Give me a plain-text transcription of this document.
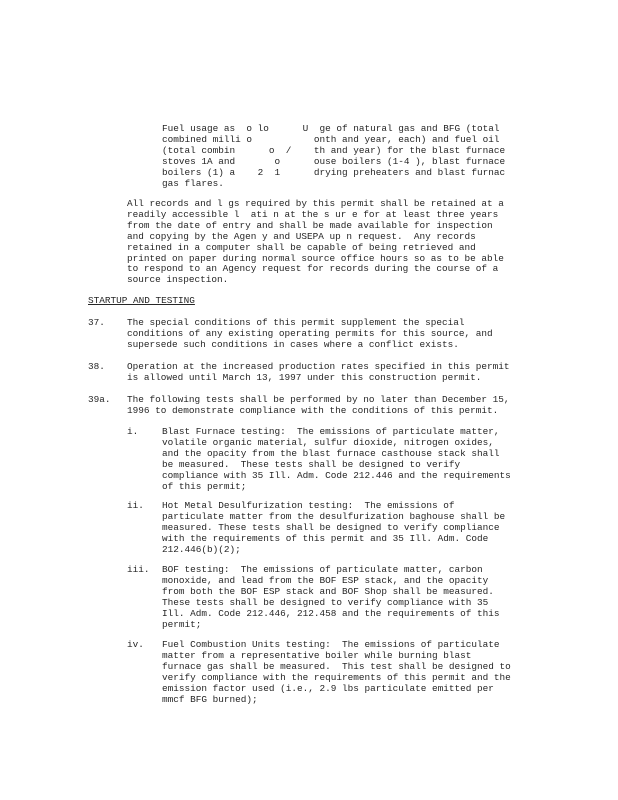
Fuel usage as  o lo      U  ge of natural gas and BFG (total
combined milli o           onth and year, each) and fuel oil
(total combin      o  /    th and year) for the blast furnace
stoves 1A and       o      ouse boilers (1-4 ), blast furnace
boilers (1) a    2  1      drying preheaters and blast furnac
gas flares.
All records and l gs required by this permit shall be retained at a
readily accessible l  ati n at the s ur e for at least three years
from the date of entry and shall be made available for inspection
and copying by the Agen y and USEPA up n request.  Any records
retained in a computer shall be capable of being retrieved and
printed on paper during normal source office hours so as to be able
to respond to an Agency request for records during the course of a
source inspection.
STARTUP AND TESTING
37. The special conditions of this permit supplement the special
conditions of any existing operating permits for this source, and
supersede such conditions in cases where a conflict exists.
38. Operation at the increased production rates specified in this permit
is allowed until March 13, 1997 under this construction permit.
39a. The following tests shall be performed by no later than December 15,
1996 to demonstrate compliance with the conditions of this permit.
i.	Blast Furnace testing:  The emissions of particulate matter,
volatile organic material, sulfur dioxide, nitrogen oxides,
and the opacity from the blast furnace casthouse stack shall
be measured.  These tests shall be designed to verify
compliance with 35 Ill. Adm. Code 212.446 and the requirements
of this permit;
ii. Hot Metal Desulfurization testing:  The emissions of
particulate matter from the desulfurization baghouse shall be
measured. These tests shall be designed to verify compliance
with the requirements of this permit and 35 Ill. Adm. Code
212.446(b)(2);
iii. BOF testing:  The emissions of particulate matter, carbon
monoxide, and lead from the BOF ESP stack, and the opacity
from both the BOF ESP stack and BOF Shop shall be measured.
These tests shall be designed to verify compliance with 35
Ill. Adm. Code 212.446, 212.458 and the requirements of this
permit;
iv. Fuel Combustion Units testing:  The emissions of particulate
matter from a representative boiler while burning blast
furnace gas shall be measured.  This test shall be designed to
verify compliance with the requirements of this permit and the
emission factor used (i.e., 2.9 lbs particulate emitted per
mmcf BFG burned);
